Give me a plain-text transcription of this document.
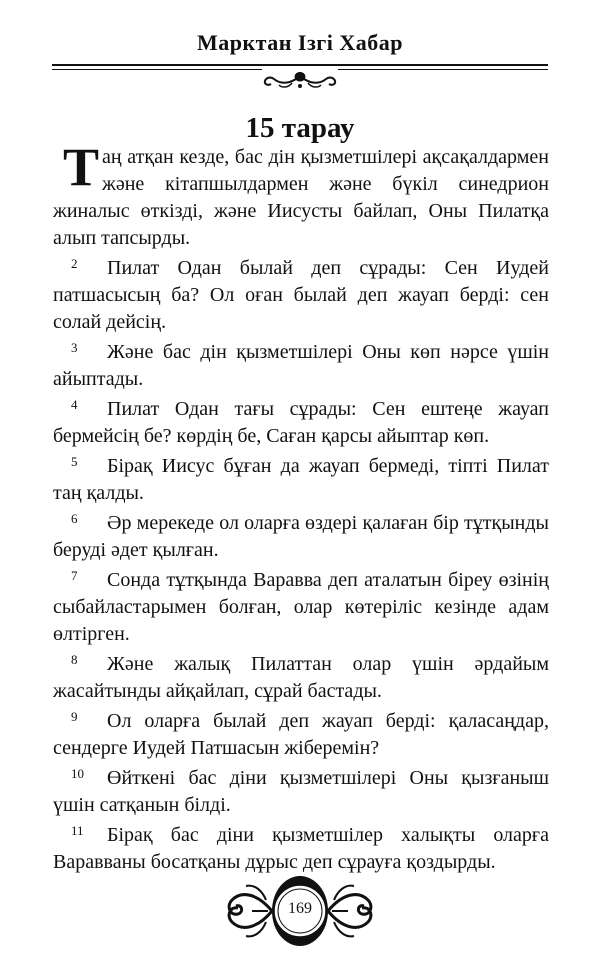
Марктан Ізгі Хабар
15 тарау

Таң атқан кезде, бас дін қызметшілері ақсақалдармен және кітапшылдармен және бүкіл синедрион жиналыс өткізді, және Иисусты байлап, Оны Пилатқа алып тапсырды.

2 Пилат Одан былай деп сұрады: Сен Иудей патшасысың ба? Ол оған былай деп жауап берді: сен солай дейсің.

3 Және бас дін қызметшілері Оны көп нәрсе үшін айыптады.

4 Пилат Одан тағы сұрады: Сен ештеңе жауап бермейсің бе? көрдің бе, Саған қарсы айыптар көп.

5 Бірақ Иисус бұған да жауап бермеді, тіпті Пилат таң қалды.

6 Әр мерекеде ол оларға өздері қалаған бір тұтқынды беруді әдет қылған.

7 Сонда тұтқында Варавва деп аталатын біреу өзінің сыбайластарымен болған, олар көтеріліс кезінде адам өлтірген.

8 Және жалық Пилаттан олар үшін әрдайым жасайтынды айқайлап, сұрай бастады.

9 Ол оларға былай деп жауап берді: қаласаңдар, сендерге Иудей Патшасын жіберемін?

10 Өйткені бас діни қызметшілері Оны қызғаныш үшін сатқанын білді.

11 Бірақ бас діни қызметшілер халықты оларға Варавваны босатқаны дұрыс деп сұрауға қоздырды.

169
